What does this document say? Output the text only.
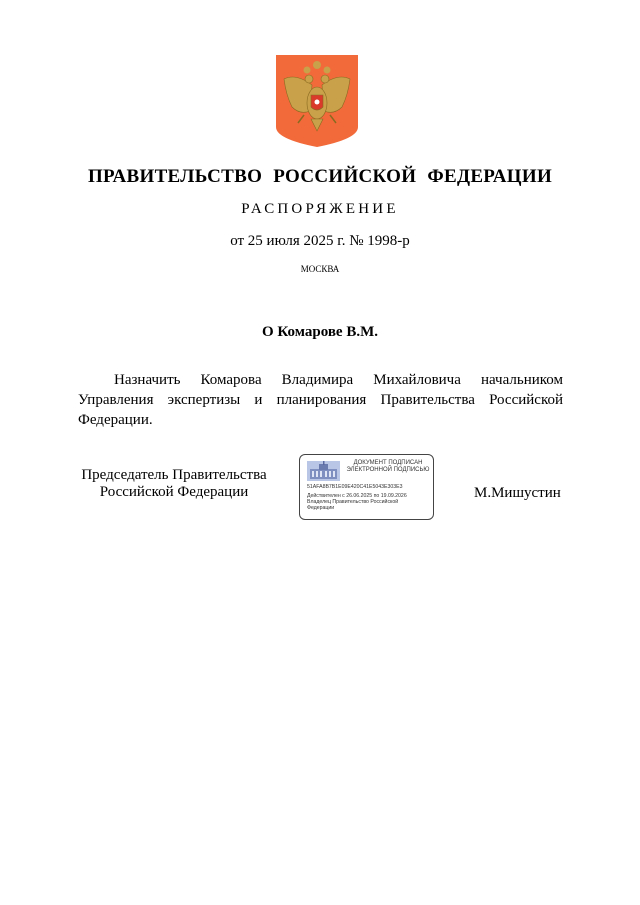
ПРАВИТЕЛЬСТВО РОССИЙСКОЙ ФЕДЕРАЦИИ
РАСПОРЯЖЕНИЕ
от 25 июля 2025 г. № 1998-р
МОСКВА
О Комарове В.М.
Назначить Комарова Владимира Михайловича начальником Управления экспертизы и планирования Правительства Российской Федерации.
Председатель Правительства
Российской Федерации
ДОКУМЕНТ ПОДПИСАН
ЭЛЕКТРОННОЙ ПОДПИСЬЮ
51AFA8B7B1E09E420C41E5043E303E3
Действителен с 26.06.2025 по 19.09.2026
Владелец Правительство Российской
Федерации
М.Мишустин
